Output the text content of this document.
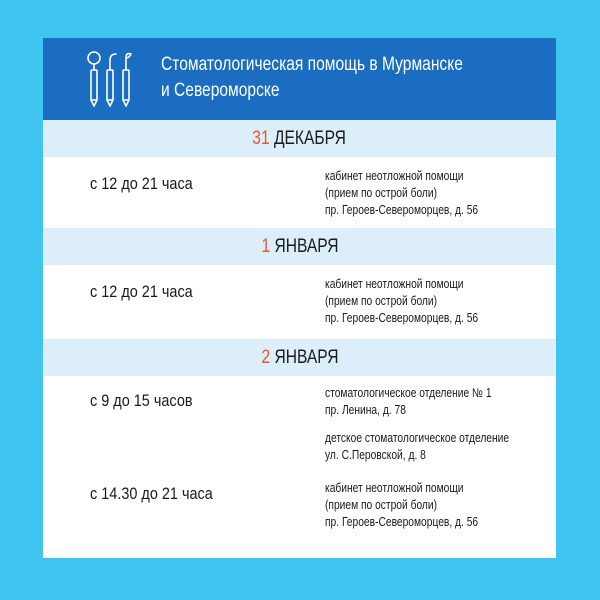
Стоматологическая помощь в Мурманске
и Североморске
31 ДЕКАБРЯ
с 12 до 21 часа	кабинет неотложной помощи
(прием по острой боли)
пр. Героев-Североморцев, д. 56
1 ЯНВАРЯ
с 12 до 21 часа	кабинет неотложной помощи
(прием по острой боли)
пр. Героев-Североморцев, д. 56
2 ЯНВАРЯ
с 9 до 15 часов	стоматологическое отделение № 1
пр. Ленина, д. 78
детское стоматологическое отделение
ул. С.Перовской, д. 8
с 14.30 до 21 часа	кабинет неотложной помощи
(прием по острой боли)
пр. Героев-Североморцев, д. 56
